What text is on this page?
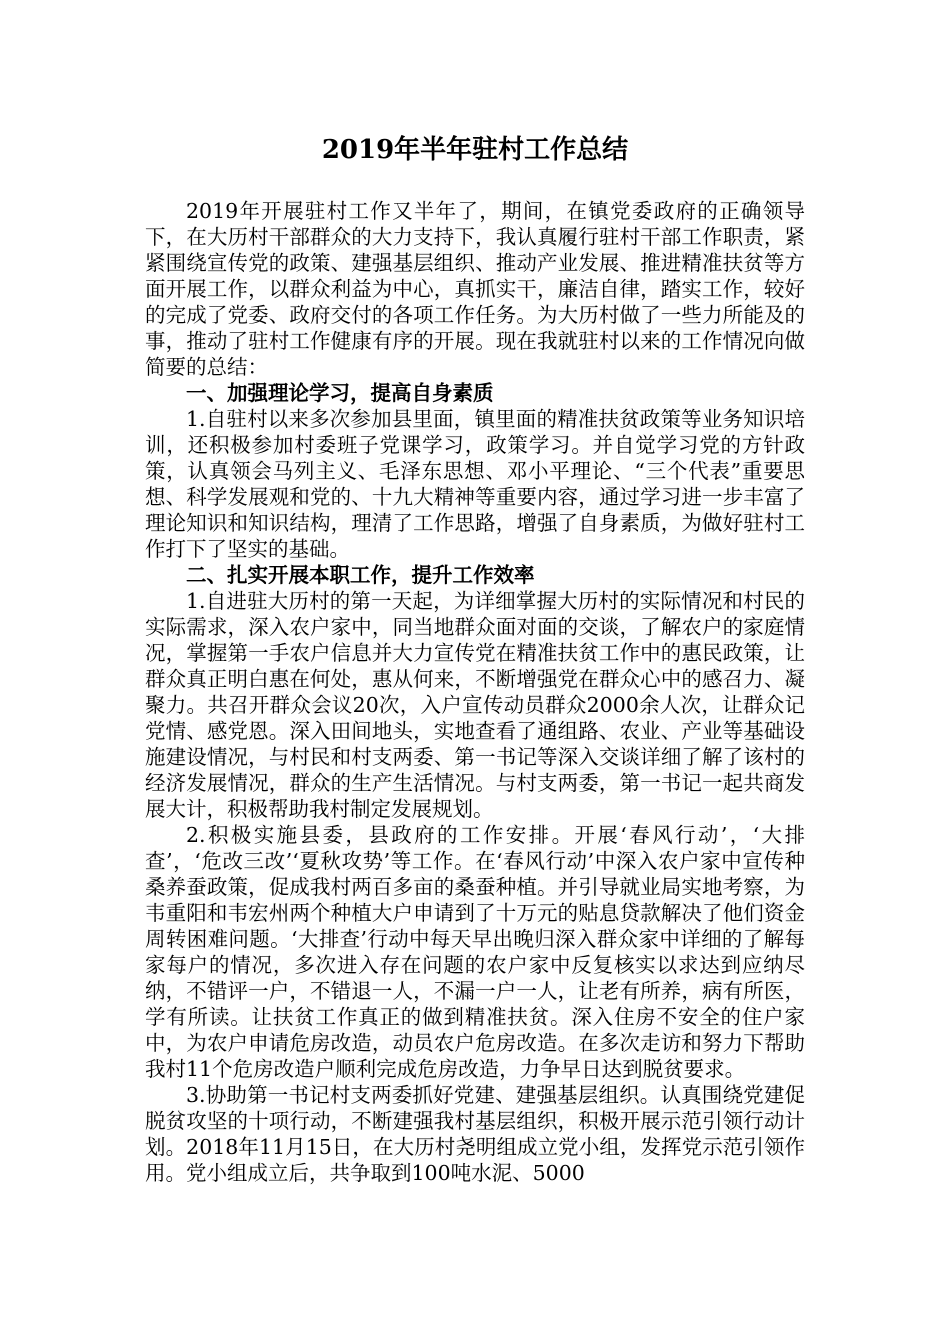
2019年半年驻村工作总结

2019年开展驻村工作又半年了，期间，在镇党委政府的正确领导下，在大历村干部群众的大力支持下，我认真履行驻村干部工作职责，紧紧围绕宣传党的政策、建强基层组织、推动产业发展、推进精准扶贫等方面开展工作，以群众利益为中心，真抓实干，廉洁自律，踏实工作，较好的完成了党委、政府交付的各项工作任务。为大历村做了一些力所能及的事，推动了驻村工作健康有序的开展。现在我就驻村以来的工作情况向做简要的总结：

一、加强理论学习，提高自身素质

1.自驻村以来多次参加县里面，镇里面的精准扶贫政策等业务知识培训，还积极参加村委班子党课学习，政策学习。并自觉学习党的方针政策，认真领会马列主义、毛泽东思想、邓小平理论、“三个代表”重要思想、科学发展观和党的、十九大精神等重要内容，通过学习进一步丰富了理论知识和知识结构，理清了工作思路，增强了自身素质，为做好驻村工作打下了坚实的基础。

二、扎实开展本职工作，提升工作效率

1.自进驻大历村的第一天起，为详细掌握大历村的实际情况和村民的实际需求，深入农户家中，同当地群众面对面的交谈，了解农户的家庭情况，掌握第一手农户信息并大力宣传党在精准扶贫工作中的惠民政策，让群众真正明白惠在何处，惠从何来，不断增强党在群众心中的感召力、凝聚力。共召开群众会议20次，入户宣传动员群众2000余人次，让群众记党情、感党恩。深入田间地头，实地查看了通组路、农业、产业等基础设施建设情况，与村民和村支两委、第一书记等深入交谈详细了解了该村的经济发展情况，群众的生产生活情况。与村支两委，第一书记一起共商发展大计，积极帮助我村制定发展规划。

2.积极实施县委，县政府的工作安排。开展‘春风行动’，‘大排查’，‘危改三改’‘夏秋攻势’等工作。在‘春风行动’中深入农户家中宣传种桑养蚕政策，促成我村两百多亩的桑蚕种植。并引导就业局实地考察，为韦重阳和韦宏州两个种植大户申请到了十万元的贴息贷款解决了他们资金周转困难问题。‘大排查’行动中每天早出晚归深入群众家中详细的了解每家每户的情况，多次进入存在问题的农户家中反复核实以求达到应纳尽纳，不错评一户，不错退一人，不漏一户一人，让老有所养，病有所医，学有所读。让扶贫工作真正的做到精准扶贫。深入住房不安全的住户家中，为农户申请危房改造，动员农户危房改造。在多次走访和努力下帮助我村11个危房改造户顺利完成危房改造，力争早日达到脱贫要求。

3.协助第一书记村支两委抓好党建、建强基层组织。认真围绕党建促脱贫攻坚的十项行动，不断建强我村基层组织，积极开展示范引领行动计划。2018年11月15日，在大历村尧明组成立党小组，发挥党示范引领作用。党小组成立后，共争取到100吨水泥、5000
